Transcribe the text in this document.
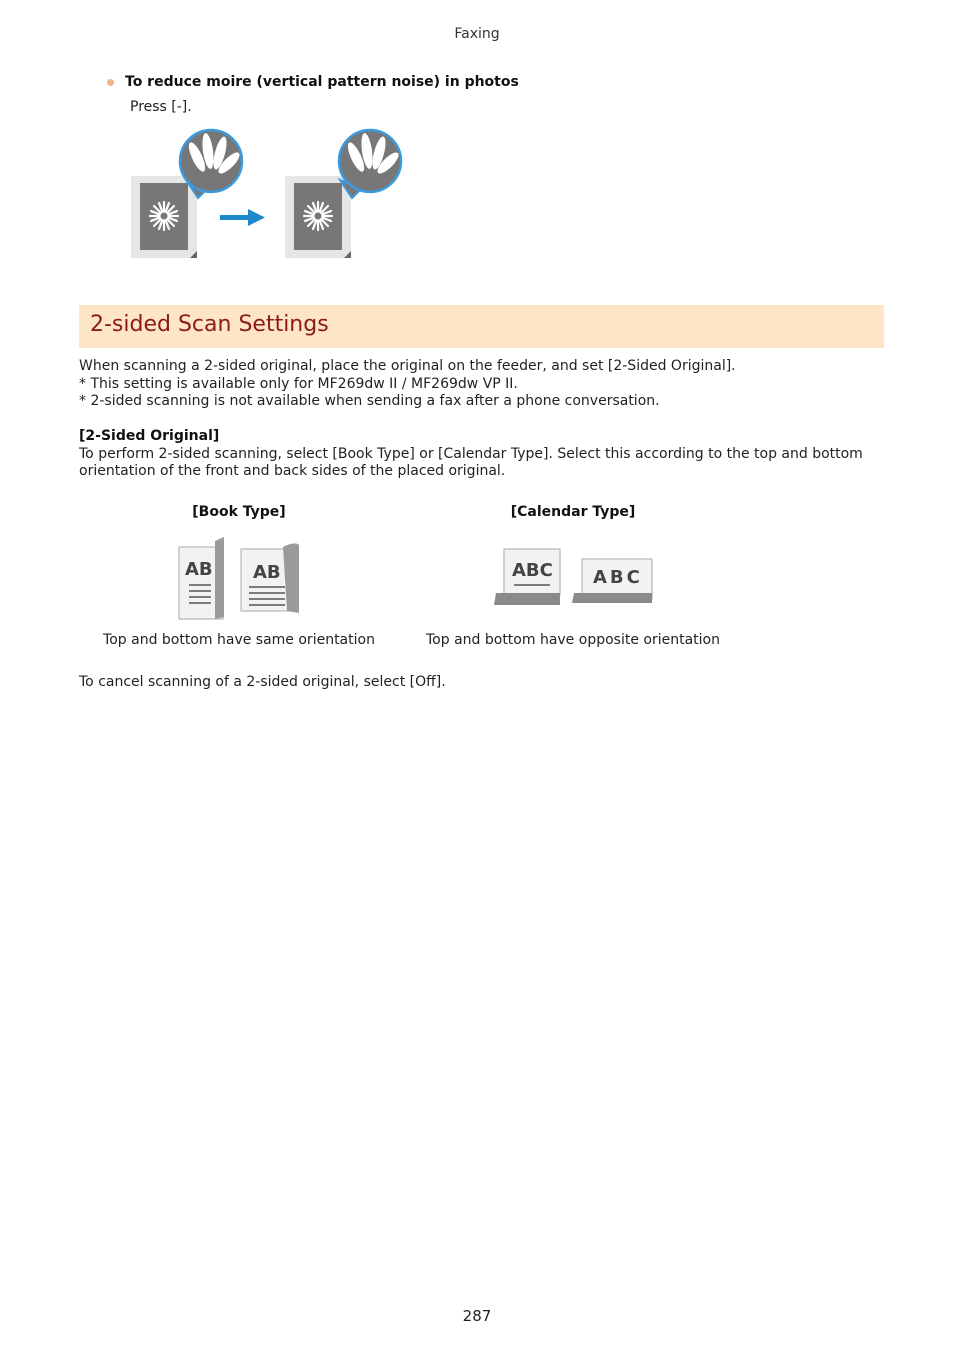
Faxing
To reduce moire (vertical pattern noise) in photos
Press [-].
2-sided Scan Settings
When scanning a 2-sided original, place the original on the feeder, and set [2-Sided Original].
* This setting is available only for MF269dw II / MF269dw VP II.
* 2-sided scanning is not available when sending a fax after a phone conversation.
[2-Sided Original]
To perform 2-sided scanning, select [Book Type] or [Calendar Type]. Select this according to the top and bottom
orientation of the front and back sides of the placed original.
[Book Type]
AB AB
Top and bottom have same orientation
[Calendar Type]
ABC ABC
Top and bottom have opposite orientation
To cancel scanning of a 2-sided original, select [Off].
287
